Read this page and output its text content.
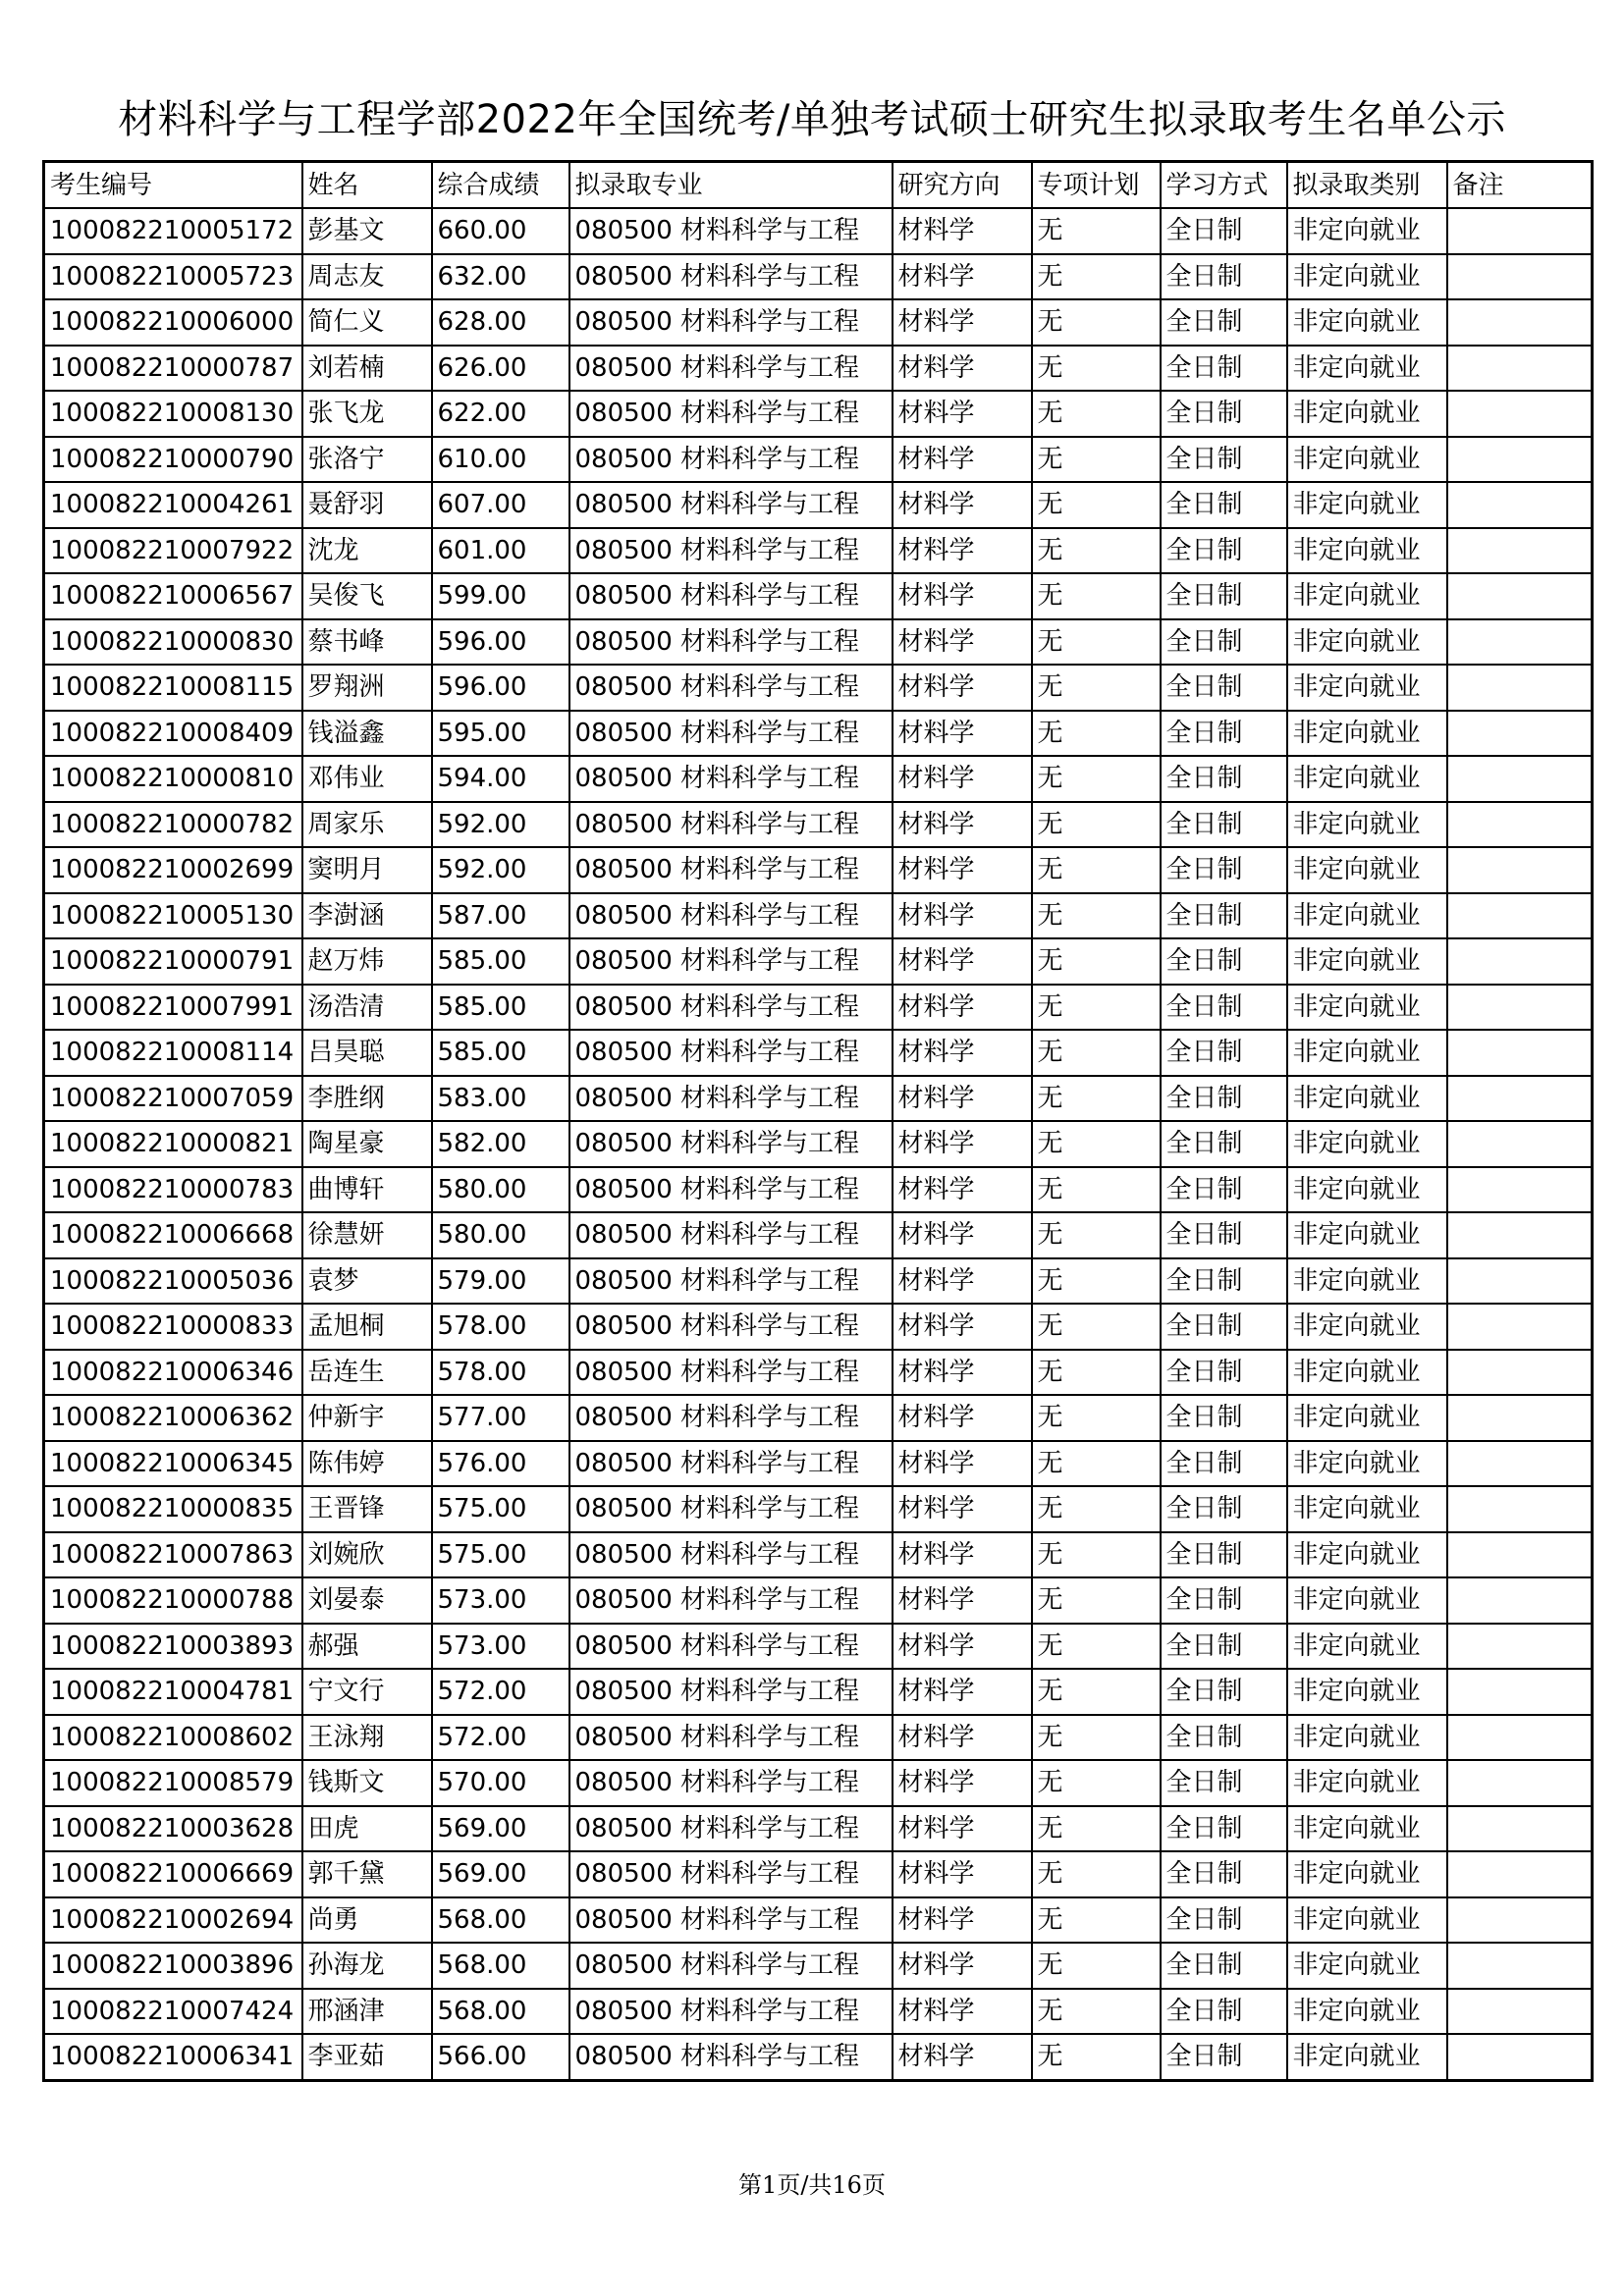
材料科学与工程学部2022年全国统考/单独考试硕士研究生拟录取考生名单公示
考生编号	姓名	综合成绩	拟录取专业	研究方向	专项计划	学习方式	拟录取类别	备注
100082210005172	彭基文	660.00	080500 材料科学与工程	材料学	无	全日制	非定向就业	
100082210005723	周志友	632.00	080500 材料科学与工程	材料学	无	全日制	非定向就业	
100082210006000	简仁义	628.00	080500 材料科学与工程	材料学	无	全日制	非定向就业	
100082210000787	刘若楠	626.00	080500 材料科学与工程	材料学	无	全日制	非定向就业	
100082210008130	张飞龙	622.00	080500 材料科学与工程	材料学	无	全日制	非定向就业	
100082210000790	张洛宁	610.00	080500 材料科学与工程	材料学	无	全日制	非定向就业	
100082210004261	聂舒羽	607.00	080500 材料科学与工程	材料学	无	全日制	非定向就业	
100082210007922	沈龙	601.00	080500 材料科学与工程	材料学	无	全日制	非定向就业	
100082210006567	吴俊飞	599.00	080500 材料科学与工程	材料学	无	全日制	非定向就业	
100082210000830	蔡书峰	596.00	080500 材料科学与工程	材料学	无	全日制	非定向就业	
100082210008115	罗翔洲	596.00	080500 材料科学与工程	材料学	无	全日制	非定向就业	
100082210008409	钱溢鑫	595.00	080500 材料科学与工程	材料学	无	全日制	非定向就业	
100082210000810	邓伟业	594.00	080500 材料科学与工程	材料学	无	全日制	非定向就业	
100082210000782	周家乐	592.00	080500 材料科学与工程	材料学	无	全日制	非定向就业	
100082210002699	窦明月	592.00	080500 材料科学与工程	材料学	无	全日制	非定向就业	
100082210005130	李澍涵	587.00	080500 材料科学与工程	材料学	无	全日制	非定向就业	
100082210000791	赵万炜	585.00	080500 材料科学与工程	材料学	无	全日制	非定向就业	
100082210007991	汤浩清	585.00	080500 材料科学与工程	材料学	无	全日制	非定向就业	
100082210008114	吕昊聪	585.00	080500 材料科学与工程	材料学	无	全日制	非定向就业	
100082210007059	李胜纲	583.00	080500 材料科学与工程	材料学	无	全日制	非定向就业	
100082210000821	陶星豪	582.00	080500 材料科学与工程	材料学	无	全日制	非定向就业	
100082210000783	曲博轩	580.00	080500 材料科学与工程	材料学	无	全日制	非定向就业	
100082210006668	徐慧妍	580.00	080500 材料科学与工程	材料学	无	全日制	非定向就业	
100082210005036	袁梦	579.00	080500 材料科学与工程	材料学	无	全日制	非定向就业	
100082210000833	孟旭桐	578.00	080500 材料科学与工程	材料学	无	全日制	非定向就业	
100082210006346	岳连生	578.00	080500 材料科学与工程	材料学	无	全日制	非定向就业	
100082210006362	仲新宇	577.00	080500 材料科学与工程	材料学	无	全日制	非定向就业	
100082210006345	陈伟婷	576.00	080500 材料科学与工程	材料学	无	全日制	非定向就业	
100082210000835	王晋锋	575.00	080500 材料科学与工程	材料学	无	全日制	非定向就业	
100082210007863	刘婉欣	575.00	080500 材料科学与工程	材料学	无	全日制	非定向就业	
100082210000788	刘晏泰	573.00	080500 材料科学与工程	材料学	无	全日制	非定向就业	
100082210003893	郝强	573.00	080500 材料科学与工程	材料学	无	全日制	非定向就业	
100082210004781	宁文行	572.00	080500 材料科学与工程	材料学	无	全日制	非定向就业	
100082210008602	王泳翔	572.00	080500 材料科学与工程	材料学	无	全日制	非定向就业	
100082210008579	钱斯文	570.00	080500 材料科学与工程	材料学	无	全日制	非定向就业	
100082210003628	田虎	569.00	080500 材料科学与工程	材料学	无	全日制	非定向就业	
100082210006669	郭千黛	569.00	080500 材料科学与工程	材料学	无	全日制	非定向就业	
100082210002694	尚勇	568.00	080500 材料科学与工程	材料学	无	全日制	非定向就业	
100082210003896	孙海龙	568.00	080500 材料科学与工程	材料学	无	全日制	非定向就业	
100082210007424	邢涵津	568.00	080500 材料科学与工程	材料学	无	全日制	非定向就业	
100082210006341	李亚茹	566.00	080500 材料科学与工程	材料学	无	全日制	非定向就业	
第1页/共16页
